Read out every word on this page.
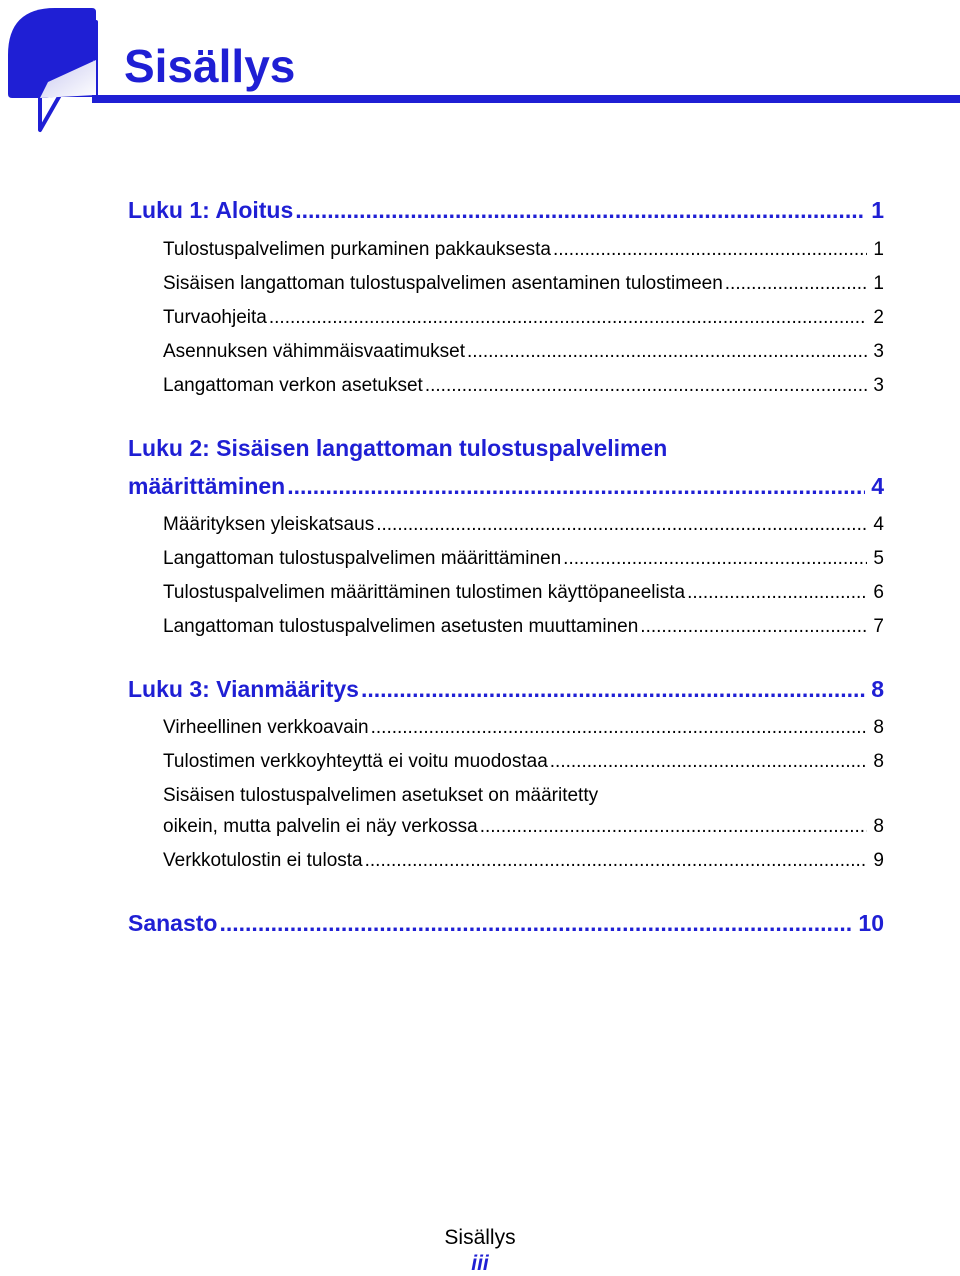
Sisällys
Luku 1: Aloitus .....	1
Tulostuspalvelimen purkaminen pakkauksesta .....	1
Sisäisen langattoman tulostuspalvelimen asentaminen tulostimeen .....	1
Turvaohjeita .....	2
Asennuksen vähimmäisvaatimukset .....	3
Langattoman verkon asetukset .....	3
Luku 2: Sisäisen langattoman tulostuspalvelimen
määrittäminen .....	4
Määrityksen yleiskatsaus .....	4
Langattoman tulostuspalvelimen määrittäminen .....	5
Tulostuspalvelimen määrittäminen tulostimen käyttöpaneelista .....	6
Langattoman tulostuspalvelimen asetusten muuttaminen .....	7
Luku 3: Vianmääritys .....	8
Virheellinen verkkoavain .....	8
Tulostimen verkkoyhteyttä ei voitu muodostaa .....	8
Sisäisen tulostuspalvelimen asetukset on määritetty
oikein, mutta palvelin ei näy verkossa .....	8
Verkkotulostin ei tulosta .....	9
Sanasto .....	10
Sisällys
iii
